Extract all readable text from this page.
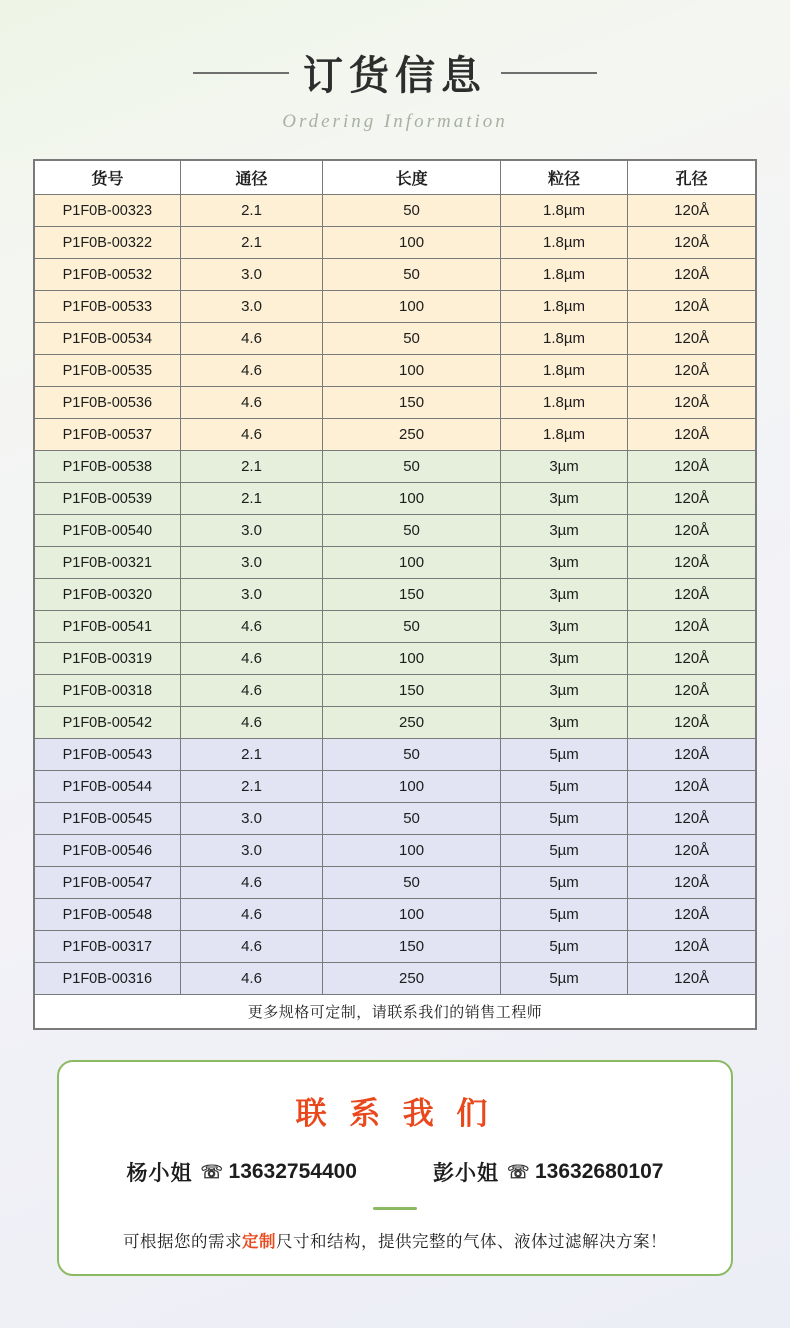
订货信息
Ordering Information
货号	通径	长度	粒径	孔径
P1F0B-00323	2.1	50	1.8µm	120Å
P1F0B-00322	2.1	100	1.8µm	120Å
P1F0B-00532	3.0	50	1.8µm	120Å
P1F0B-00533	3.0	100	1.8µm	120Å
P1F0B-00534	4.6	50	1.8µm	120Å
P1F0B-00535	4.6	100	1.8µm	120Å
P1F0B-00536	4.6	150	1.8µm	120Å
P1F0B-00537	4.6	250	1.8µm	120Å
P1F0B-00538	2.1	50	3µm	120Å
P1F0B-00539	2.1	100	3µm	120Å
P1F0B-00540	3.0	50	3µm	120Å
P1F0B-00321	3.0	100	3µm	120Å
P1F0B-00320	3.0	150	3µm	120Å
P1F0B-00541	4.6	50	3µm	120Å
P1F0B-00319	4.6	100	3µm	120Å
P1F0B-00318	4.6	150	3µm	120Å
P1F0B-00542	4.6	250	3µm	120Å
P1F0B-00543	2.1	50	5µm	120Å
P1F0B-00544	2.1	100	5µm	120Å
P1F0B-00545	3.0	50	5µm	120Å
P1F0B-00546	3.0	100	5µm	120Å
P1F0B-00547	4.6	50	5µm	120Å
P1F0B-00548	4.6	100	5µm	120Å
P1F0B-00317	4.6	150	5µm	120Å
P1F0B-00316	4.6	250	5µm	120Å
更多规格可定制，请联系我们的销售工程师				
联 系 我 们
杨小姐 ☏ 13632754400	彭小姐 ☏ 13632680107
可根据您的需求定制尺寸和结构，提供完整的气体、液体过滤解决方案！
